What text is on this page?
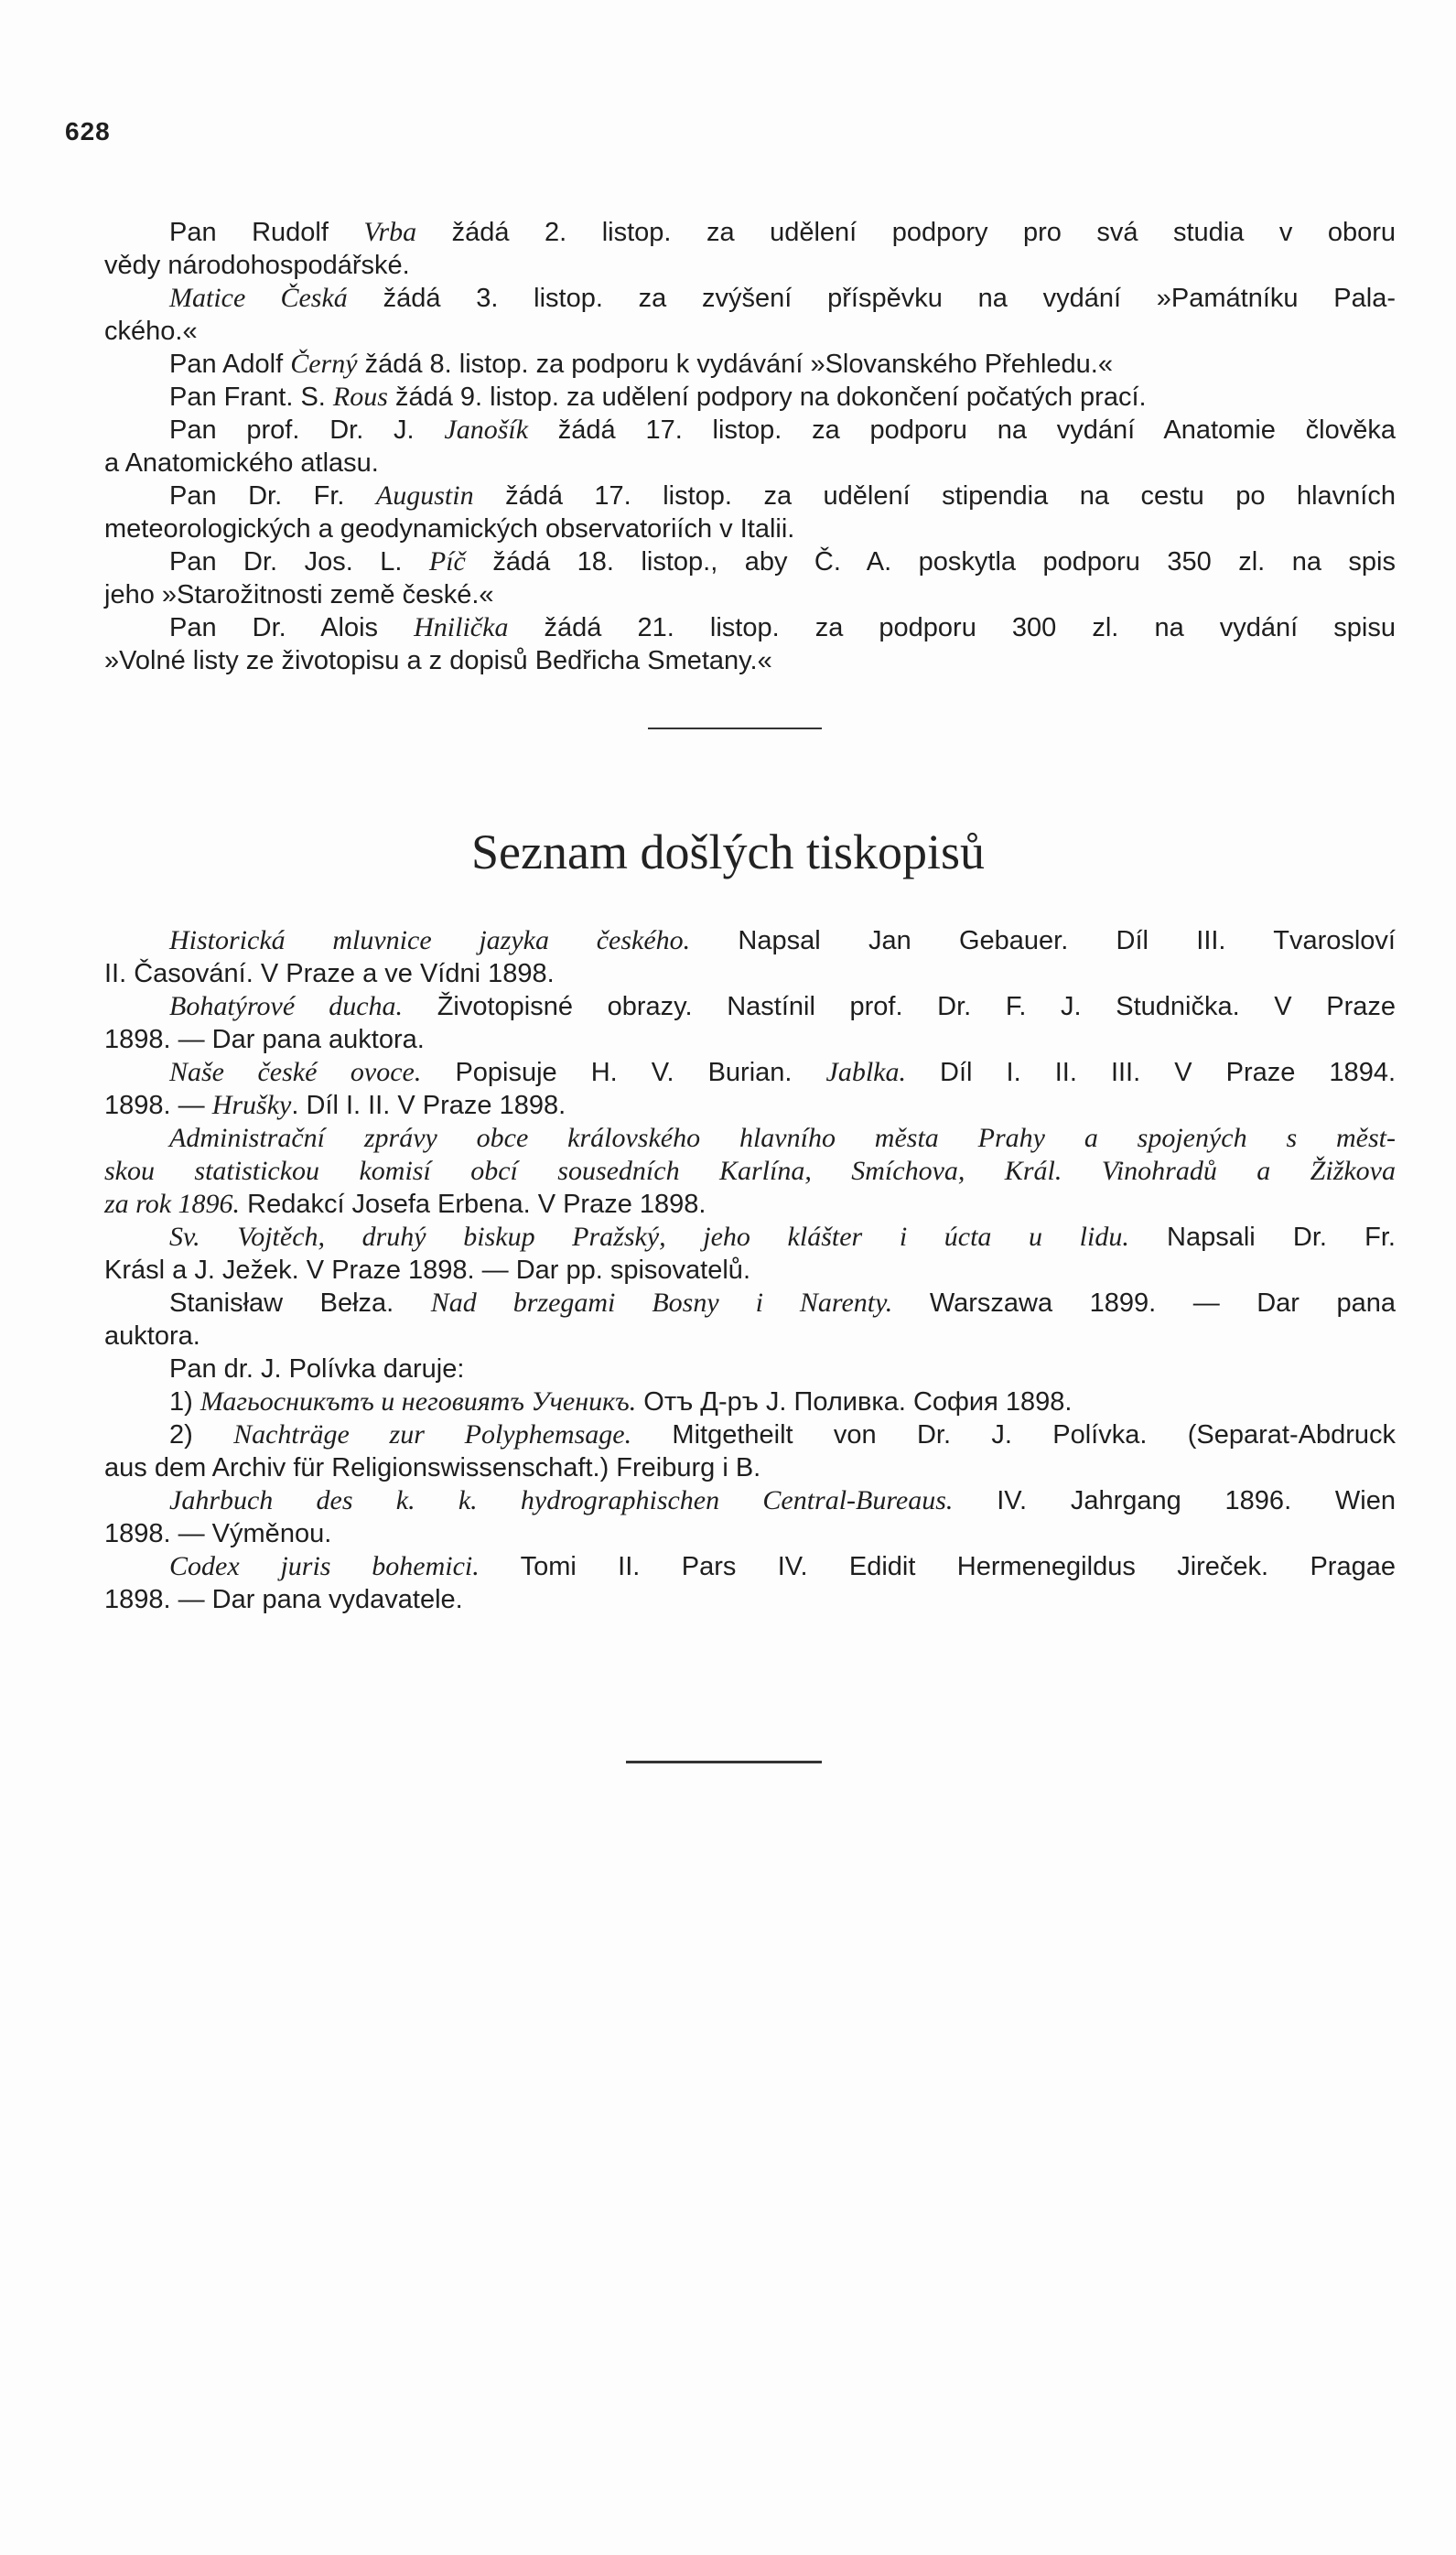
628
Pan Rudolf Vrba žádá 2. listop. za udělení podpory pro svá studia v oboru
vědy národohospodářské.
Matice Česká žádá 3. listop. za zvýšení příspěvku na vydání »Památníku Pala-
ckého.«
Pan Adolf Černý žádá 8. listop. za podporu k vydávání »Slovanského Přehledu.«
Pan Frant. S. Rous žádá 9. listop. za udělení podpory na dokončení počatých prací.
Pan prof. Dr. J. Janošík žádá 17. listop. za podporu na vydání Anatomie člověka
a Anatomického atlasu.
Pan Dr. Fr. Augustin žádá 17. listop. za udělení stipendia na cestu po hlavních
meteorologických a geodynamických observatoriích v Italii.
Pan Dr. Jos. L. Píč žádá 18. listop., aby Č. A. poskytla podporu 350 zl. na spis
jeho »Starožitnosti země české.«
Pan Dr. Alois Hnilička žádá 21. listop. za podporu 300 zl. na vydání spisu
»Volné listy ze životopisu a z dopisů Bedřicha Smetany.«
Seznam došlých tiskopisů
Historická mluvnice jazyka českého. Napsal Jan Gebauer. Díl III. Tvarosloví
II. Časování. V Praze a ve Vídni 1898.
Bohatýrové ducha. Životopisné obrazy. Nastínil prof. Dr. F. J. Studnička. V Praze
1898. — Dar pana auktora.
Naše české ovoce. Popisuje H. V. Burian. Jablka. Díl I. II. III. V Praze 1894.
1898. — Hrušky. Díl I. II. V Praze 1898.
Administrační zprávy obce královského hlavního města Prahy a spojených s měst-
skou statistickou komisí obcí sousedních Karlína, Smíchova, Král. Vinohradů a Žižkova
za rok 1896. Redakcí Josefa Erbena. V Praze 1898.
Sv. Vojtěch, druhý biskup Pražský, jeho klášter i úcta u lidu. Napsali Dr. Fr.
Krásl a J. Ježek. V Praze 1898. — Dar pp. spisovatelů.
Stanisław Bełza. Nad brzegami Bosny i Narenty. Warszawa 1899. — Dar pana
auktora.
Pan dr. J. Polívka daruje:
1) Магьосникътъ и неговиятъ Ученикъ. Отъ Д-ръ J. Поливка. София 1898.
2) Nachträge zur Polyphemsage. Mitgetheilt von Dr. J. Polívka. (Separat-Abdruck
aus dem Archiv für Religionswissenschaft.) Freiburg i B.
Jahrbuch des k. k. hydrographischen Central-Bureaus. IV. Jahrgang 1896. Wien
1898. — Výměnou.
Codex juris bohemici. Tomi II. Pars IV. Edidit Hermenegildus Jireček. Pragae
1898. — Dar pana vydavatele.
